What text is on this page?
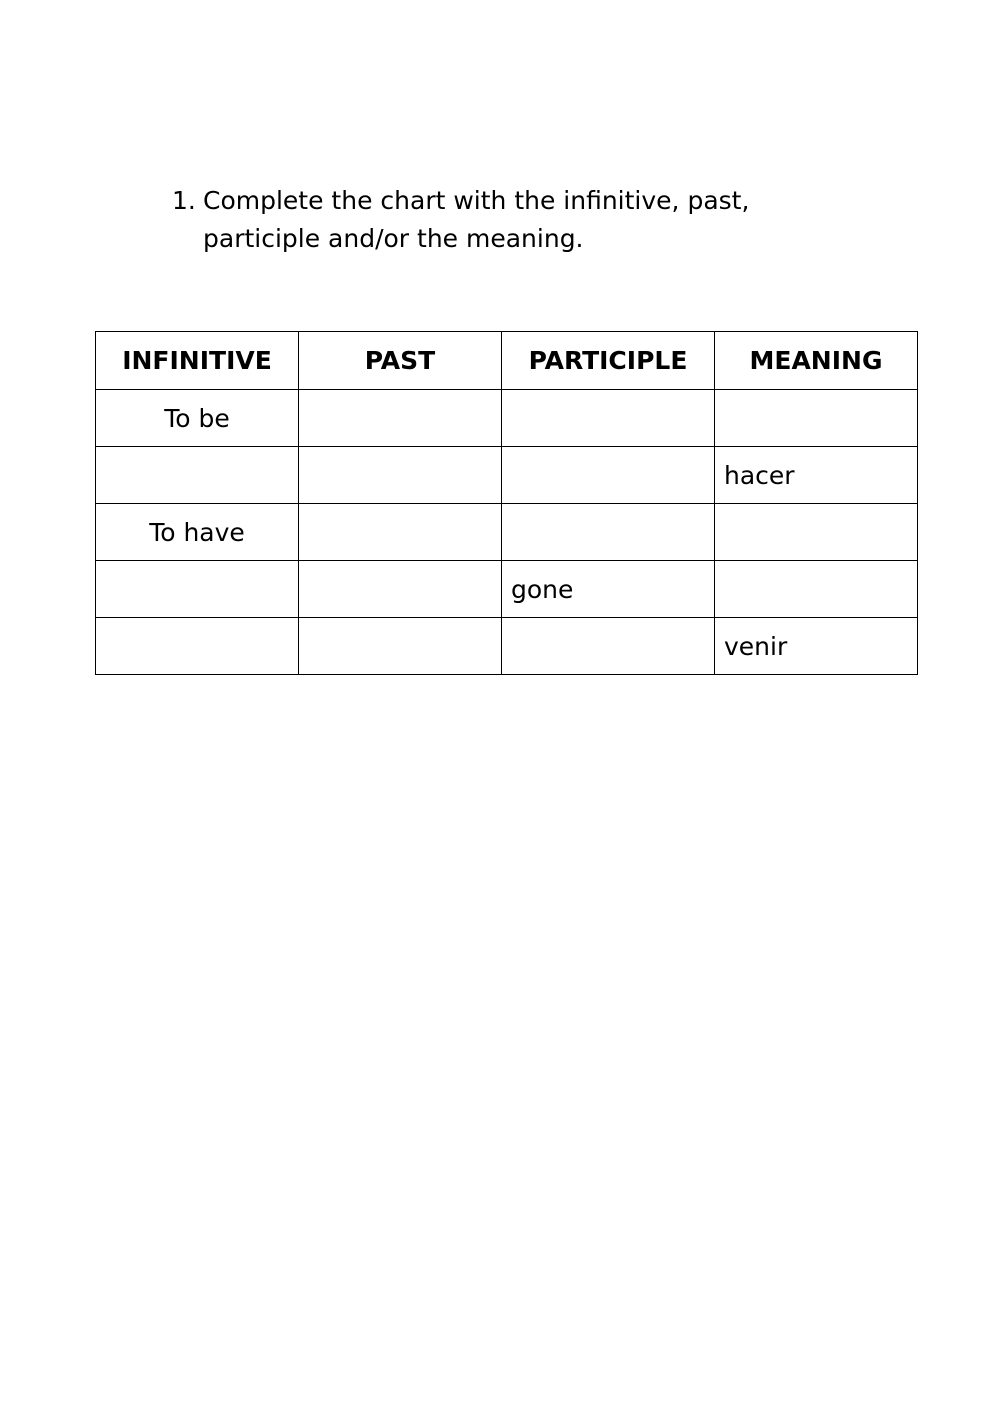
1. Complete the chart with the infinitive, past, participle and/or the meaning.
INFINITIVE	PAST	PARTICIPLE	MEANING
To be			
			hacer
To have			
		gone	
			venir
